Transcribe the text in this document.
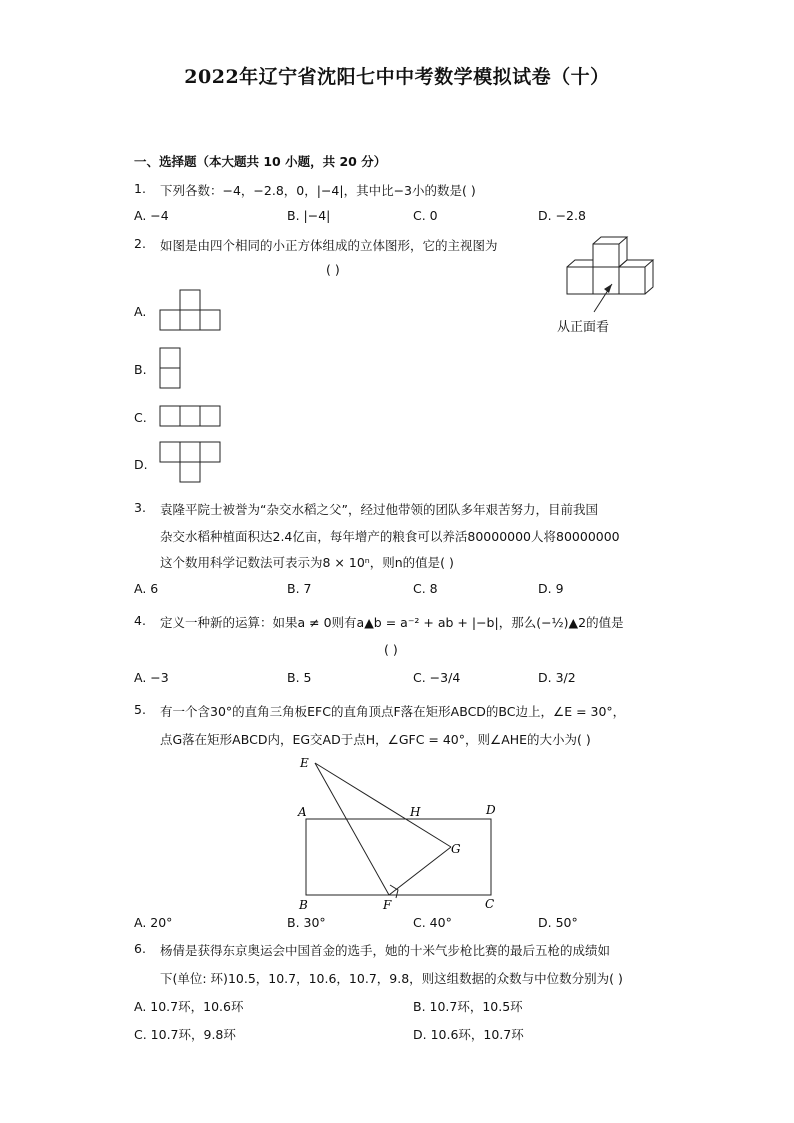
2022年辽宁省沈阳七中中考数学模拟试卷（十）
一、选择题（本大题共 10 小题，共 20 分）
1. 下列各数：−4，−2.8，0，|−4|，其中比−3小的数是( )
A. −4	B. |−4|	C. 0	D. −2.8
2. 如图是由四个相同的小正方体组成的立体图形，它的主视图为
( )
从正面看
A.
B.
C.
D.
3. 袁隆平院士被誉为“杂交水稻之父”，经过他带领的团队多年艰苦努力，目前我国
杂交水稻种植面积达2.4亿亩，每年增产的粮食可以养活80000000人将80000000
这个数用科学记数法可表示为8 × 10ⁿ，则n的值是( )
A. 6	B. 7	C. 8	D. 9
4. 定义一种新的运算：如果a ≠ 0则有a▲b = a⁻² + ab + |−b|，那么(−½)▲2的值是
( )
A. −3	B. 5	C. −3/4	D. 3/2
5. 有一个含30°的直角三角板EFC的直角顶点F落在矩形ABCD的BC边上，∠E = 30°，
点G落在矩形ABCD内，EG交AD于点H，∠GFC = 40°，则∠AHE的大小为( )
E
A	H	D
G
B	F	C
A. 20°	B. 30°	C. 40°	D. 50°
6. 杨倩是获得东京奥运会中国首金的选手，她的十米气步枪比赛的最后五枪的成绩如
下(单位: 环)10.5，10.7，10.6，10.7，9.8，则这组数据的众数与中位数分别为( )
A. 10.7环，10.6环	B. 10.7环，10.5环
C. 10.7环，9.8环	D. 10.6环，10.7环
